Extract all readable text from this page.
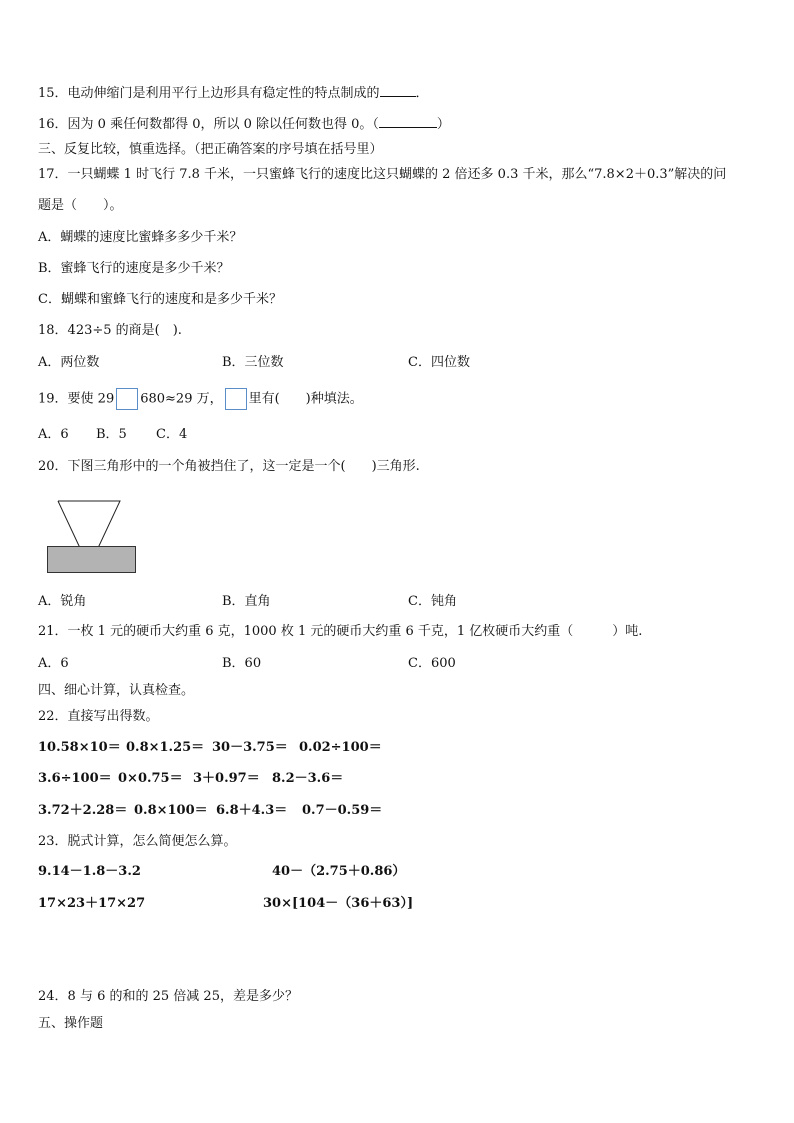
15．电动伸缩门是利用平行上边形具有稳定性的特点制成的	．
16．因为 0 乘任何数都得 0，所以 0 除以任何数也得 0。（	）
三、反复比较，慎重选择。（把正确答案的序号填在括号里）
17．一只蝴蝶 1 时飞行 7.8 千米，一只蜜蜂飞行的速度比这只蝴蝶的 2 倍还多 0.3 千米，那么“7.8×2＋0.3”解决的问
题是（　　）。
A．蝴蝶的速度比蜜蜂多多少千米？
B．蜜蜂飞行的速度是多少千米？
C．蝴蝶和蜜蜂飞行的速度和是多少千米？
18．423÷5 的商是(　).
A．两位数	B．三位数	C．四位数
19．要使 29 680≈29 万， 里有(　　)种填法。
A．6 B．5 C．4
20．下图三角形中的一个角被挡住了，这一定是一个(　　)三角形.
A．锐角	B．直角	C．钝角
21．一枚 1 元的硬币大约重 6 克，1000 枚 1 元的硬币大约重 6 千克，1 亿枚硬币大约重（　　　）吨.
A．6	B．60	C．600
四、细心计算，认真检查。
22．直接写出得数。
10.58×10＝ 0.8×1.25＝ 30－3.75＝ 0.02÷100＝
3.6÷100＝ 0×0.75＝ 3＋0.97＝ 8.2－3.6＝
3.72＋2.28＝ 0.8×100＝ 6.8＋4.3＝ 0.7－0.59＝
23．脱式计算，怎么简便怎么算。
9.14－1.8－3.2	40－（2.75＋0.86）
17×23＋17×27	30×[104－（36＋63）]
24．8 与 6 的和的 25 倍减 25，差是多少？
五、操作题
